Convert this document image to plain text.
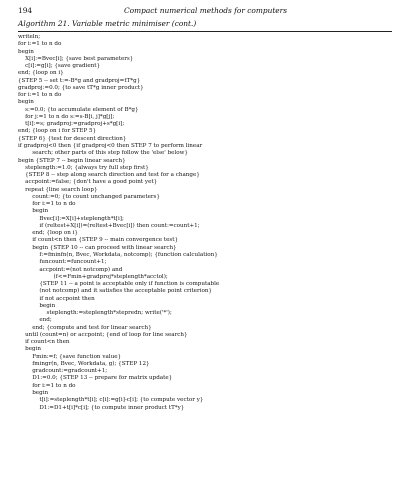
194	Compact numerical methods for computers
Algorithm 21. Variable metric minimiser (cont.)
writeln;
for i:=1 to n do
begin
X[i]:=Bvec[i]; {save best parameters}
c[i]:=g[i]; {save gradient}
end; {loop on i}
{STEP 5 -- set t:=-B*g and gradproj=tT*g}
gradproj:=0.0; {to save tT*g inner product}
for i:=1 to n do
begin
s:=0.0; {to accumulate element of B*g}
for j:=1 to n do s:=s-B[i, j]*g[j];
t[i]:=s; gradproj:=gradproj+s*g[i];
end; {loop on i for STEP 5}
{STEP 6} {test for descent direction}
if gradproj<0 then {if gradproj<0 then STEP 7 to perform linear
search; other parts of this step follow the 'else' below}
begin {STEP 7 -- begin linear search}
steplength:=1.0; {always try full step first}
{STEP 8 -- step along search direction and test for a change}
accpoint:=false; {don't have a good point yet}
repeat {line search loop}
count:=0; {to count unchanged parameters}
for i:=1 to n do
begin
Bvec[i]:=X[i]+steplength*t[i];
if (reltest+X[i])=(reltest+Bvec[i]) then count:=count+1;
end; {loop on i}
if count<n then {STEP 9 -- main convergence test}
begin {STEP 10 -- can proceed with linear search}
f:=fminfn(n, Bvec, Workdata, notcomp); {function calculation}
funcount:=funcount+1;
accpoint:=(not notcomp) and
(f<=Fmin+gradproj*steplength*acctol);
{STEP 11 -- a point is acceptable only if function is computable
(not notcomp) and it satisfies the acceptable point criterion}
if not accpoint then
begin
steplength:=steplength*stepredn; write('*');
end;
end; {compute and test for linear search}
until (count=n) or accpoint; {end of loop for line search}
if count<n then
begin
Fmin:=f; {save function value}
fmingr(n, Bvec, Workdata, g); {STEP 12}
gradcount:=gradcount+1;
D1:=0.0; {STEP 13 -- prepare for matrix update}
for i:=1 to n do
begin
t[i]:=steplength*t[i]; c[i]:=g[i]-c[i]; {to compute vector y}
D1:=D1+t[i]*c[i]; {to compute inner product tT*y}
